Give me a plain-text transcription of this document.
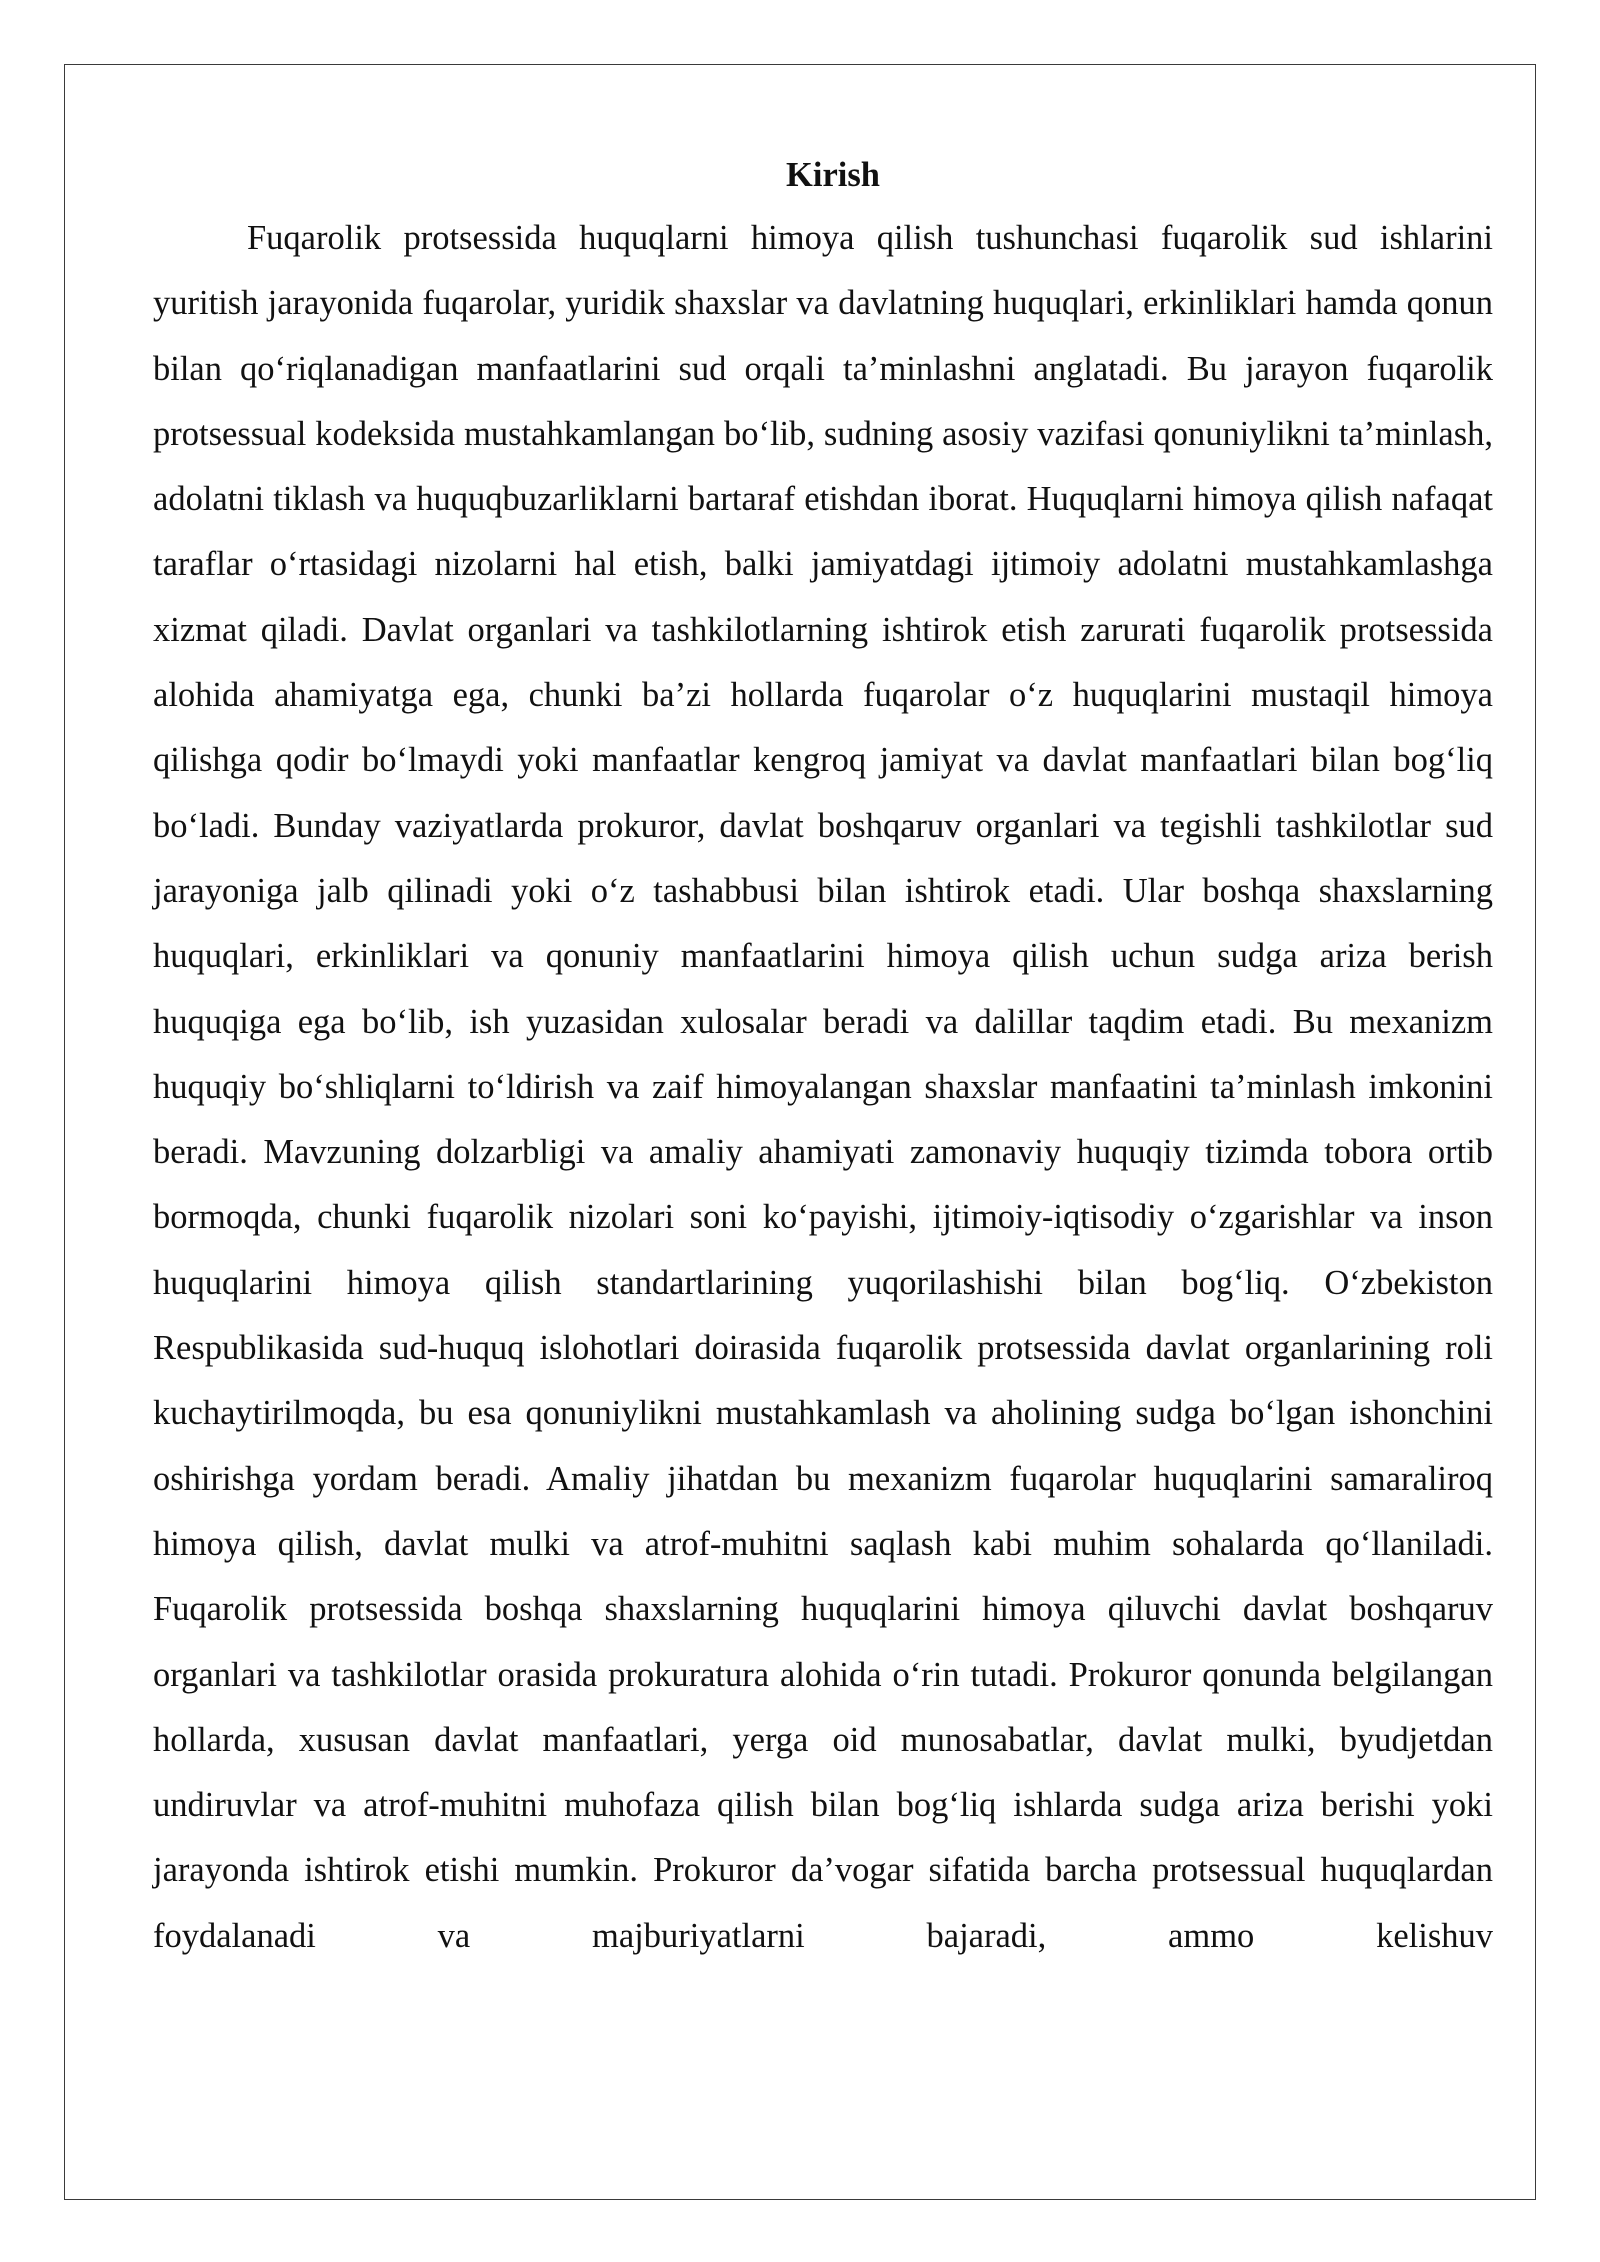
Kirish

Fuqarolik protsessida huquqlarni himoya qilish tushunchasi fuqarolik sud ishlarini yuritish jarayonida fuqarolar, yuridik shaxslar va davlatning huquqlari, erkinliklari hamda qonun bilan qo‘riqlanadigan manfaatlarini sud orqali ta’minlashni anglatadi. Bu jarayon fuqarolik protsessual kodeksida mustahkamlangan bo‘lib, sudning asosiy vazifasi qonuniylikni ta’minlash, adolatni tiklash va huquqbuzarliklarni bartaraf etishdan iborat. Huquqlarni himoya qilish nafaqat taraflar o‘rtasidagi nizolarni hal etish, balki jamiyatdagi ijtimoiy adolatni mustahkamlashga xizmat qiladi. Davlat organlari va tashkilotlarning ishtirok etish zarurati fuqarolik protsessida alohida ahamiyatga ega, chunki ba’zi hollarda fuqarolar o‘z huquqlarini mustaqil himoya qilishga qodir bo‘lmaydi yoki manfaatlar kengroq jamiyat va davlat manfaatlari bilan bog‘liq bo‘ladi. Bunday vaziyatlarda prokuror, davlat boshqaruv organlari va tegishli tashkilotlar sud jarayoniga jalb qilinadi yoki o‘z tashabbusi bilan ishtirok etadi. Ular boshqa shaxslarning huquqlari, erkinliklari va qonuniy manfaatlarini himoya qilish uchun sudga ariza berish huquqiga ega bo‘lib, ish yuzasidan xulosalar beradi va dalillar taqdim etadi. Bu mexanizm huquqiy bo‘shliqlarni to‘ldirish va zaif himoyalangan shaxslar manfaatini ta’minlash imkonini beradi. Mavzuning dolzarbligi va amaliy ahamiyati zamonaviy huquqiy tizimda tobora ortib bormoqda, chunki fuqarolik nizolari soni ko‘payishi, ijtimoiy-iqtisodiy o‘zgarishlar va inson huquqlarini himoya qilish standartlarining yuqorilashishi bilan bog‘liq. O‘zbekiston Respublikasida sud-huquq islohotlari doirasida fuqarolik protsessida davlat organlarining roli kuchaytirilmoqda, bu esa qonuniylikni mustahkamlash va aholining sudga bo‘lgan ishonchini oshirishga yordam beradi. Amaliy jihatdan bu mexanizm fuqarolar huquqlarini samaraliroq himoya qilish, davlat mulki va atrof-muhitni saqlash kabi muhim sohalarda qo‘llaniladi. Fuqarolik protsessida boshqa shaxslarning huquqlarini himoya qiluvchi davlat boshqaruv organlari va tashkilotlar orasida prokuratura alohida o‘rin tutadi. Prokuror qonunda belgilangan hollarda, xususan davlat manfaatlari, yerga oid munosabatlar, davlat mulki, byudjetdan undiruvlar va atrof-muhitni muhofaza qilish bilan bog‘liq ishlarda sudga ariza berishi yoki jarayonda ishtirok etishi mumkin. Prokuror da’vogar sifatida barcha protsessual huquqlardan foydalanadi va majburiyatlarni bajaradi, ammo kelishuv
